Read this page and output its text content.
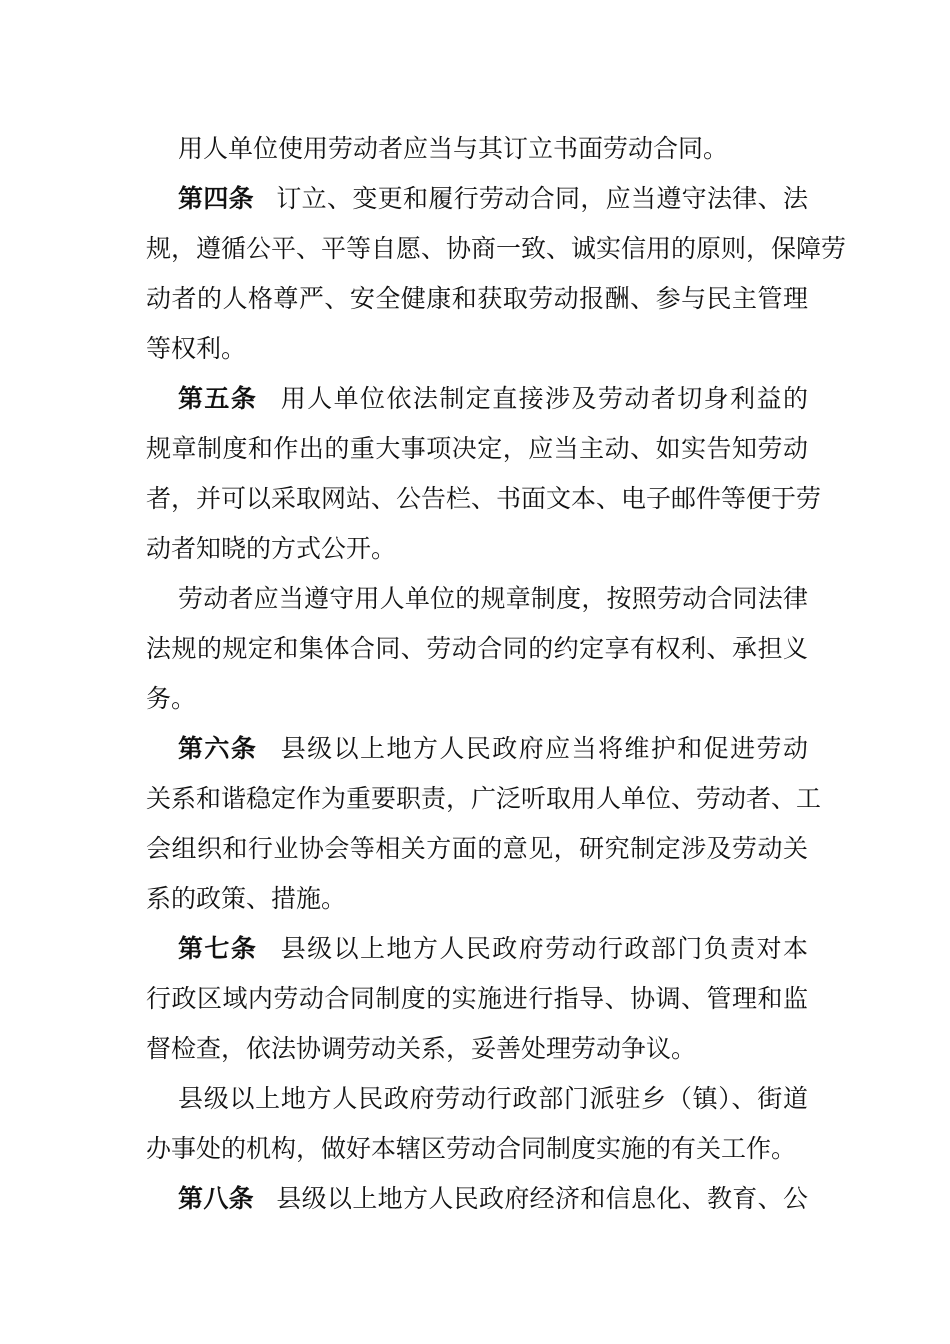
用人单位使用劳动者应当与其订立书面劳动合同。
第四条 订立、变更和履行劳动合同，应当遵守法律、法
规，遵循公平、平等自愿、协商一致、诚实信用的原则，保障劳
动者的人格尊严、安全健康和获取劳动报酬、参与民主管理
等权利。
第五条 用人单位依法制定直接涉及劳动者切身利益的
规章制度和作出的重大事项决定，应当主动、如实告知劳动
者，并可以采取网站、公告栏、书面文本、电子邮件等便于劳
动者知晓的方式公开。
劳动者应当遵守用人单位的规章制度，按照劳动合同法律
法规的规定和集体合同、劳动合同的约定享有权利、承担义
务。
第六条 县级以上地方人民政府应当将维护和促进劳动
关系和谐稳定作为重要职责，广泛听取用人单位、劳动者、工
会组织和行业协会等相关方面的意见，研究制定涉及劳动关
系的政策、措施。
第七条 县级以上地方人民政府劳动行政部门负责对本
行政区域内劳动合同制度的实施进行指导、协调、管理和监
督检查，依法协调劳动关系，妥善处理劳动争议。
县级以上地方人民政府劳动行政部门派驻乡（镇）、街道
办事处的机构，做好本辖区劳动合同制度实施的有关工作。
第八条 县级以上地方人民政府经济和信息化、教育、公
